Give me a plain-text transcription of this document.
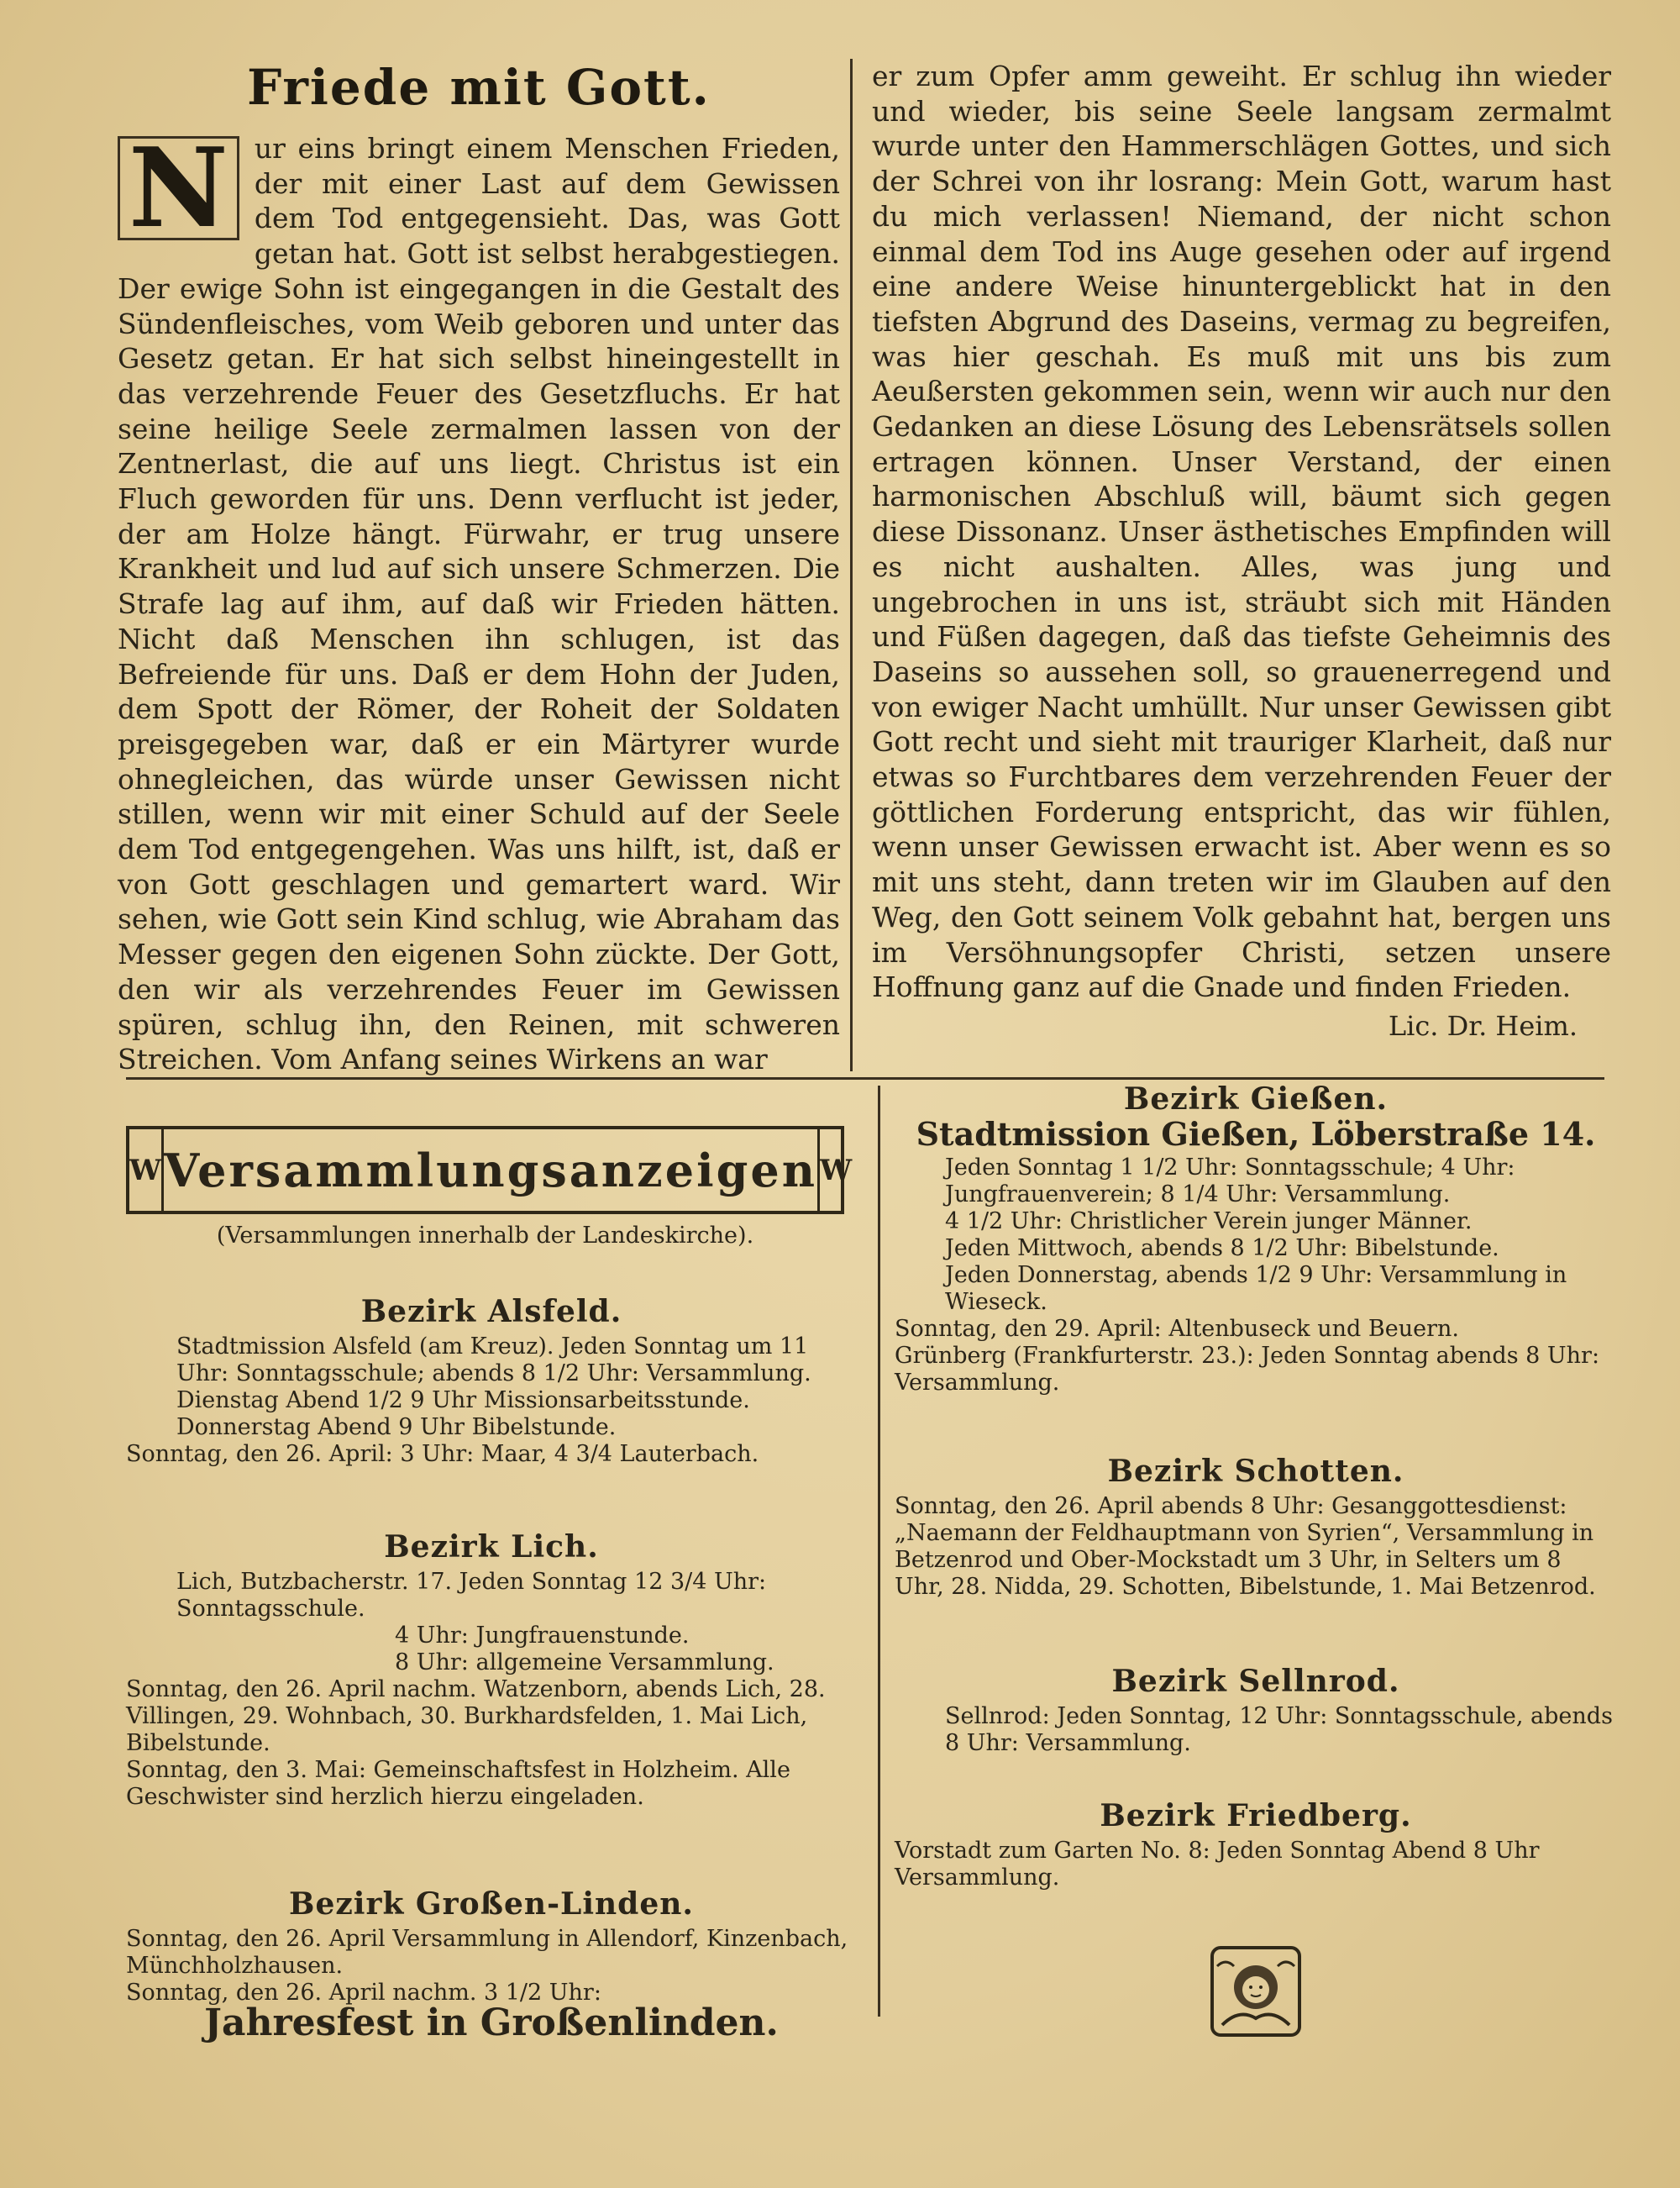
Friede mit Gott.

N ur eins bringt einem Menschen Frieden, der mit einer Last auf dem Gewissen dem Tod entgegensieht. Das, was Gott getan hat. Gott ist selbst herabgestiegen. Der ewige Sohn ist eingegangen in die Gestalt des Sündenfleisches, vom Weib geboren und unter das Gesetz getan. Er hat sich selbst hineingestellt in das verzehrende Feuer des Gesetzfluchs. Er hat seine heilige Seele zermalmen lassen von der Zentnerlast, die auf uns liegt. Christus ist ein Fluch geworden für uns. Denn verflucht ist jeder, der am Holze hängt. Fürwahr, er trug unsere Krankheit und lud auf sich unsere Schmerzen. Die Strafe lag auf ihm, auf daß wir Frieden hätten. Nicht daß Menschen ihn schlugen, ist das Befreiende für uns. Daß er dem Hohn der Juden, dem Spott der Römer, der Roheit der Soldaten preisgegeben war, daß er ein Märtyrer wurde ohnegleichen, das würde unser Gewissen nicht stillen, wenn wir mit einer Schuld auf der Seele dem Tod entgegengehen. Was uns hilft, ist, daß er von Gott geschlagen und gemartert ward. Wir sehen, wie Gott sein Kind schlug, wie Abraham das Messer gegen den eigenen Sohn zückte. Der Gott, den wir als verzehrendes Feuer im Gewissen spüren, schlug ihn, den Reinen, mit schweren Streichen. Vom Anfang seines Wirkens an war

er zum Opfer amm geweiht. Er schlug ihn wieder und wieder, bis seine Seele langsam zermalmt wurde unter den Hammerschlägen Gottes, und sich der Schrei von ihr losrang: Mein Gott, warum hast du mich verlassen! Niemand, der nicht schon einmal dem Tod ins Auge gesehen oder auf irgend eine andere Weise hinuntergeblickt hat in den tiefsten Abgrund des Daseins, vermag zu begreifen, was hier geschah. Es muß mit uns bis zum Aeußersten gekommen sein, wenn wir auch nur den Gedanken an diese Lösung des Lebensrätsels sollen ertragen können. Unser Verstand, der einen harmonischen Abschluß will, bäumt sich gegen diese Dissonanz. Unser ästhetisches Empfinden will es nicht aushalten. Alles, was jung und ungebrochen in uns ist, sträubt sich mit Händen und Füßen dagegen, daß das tiefste Geheimnis des Daseins so aussehen soll, so grauenerregend und von ewiger Nacht umhüllt. Nur unser Gewissen gibt Gott recht und sieht mit trauriger Klarheit, daß nur etwas so Furchtbares dem verzehrenden Feuer der göttlichen Forderung entspricht, das wir fühlen, wenn unser Gewissen erwacht ist. Aber wenn es so mit uns steht, dann treten wir im Glauben auf den Weg, den Gott seinem Volk gebahnt hat, bergen uns im Versöhnungsopfer Christi, setzen unsere Hoffnung ganz auf die Gnade und finden Frieden.

Lic. Dr. Heim.
W Versammlungsanzeigen W
(Versammlungen innerhalb der Landeskirche).
Bezirk Alsfeld.

Stadtmission Alsfeld (am Kreuz). Jeden Sonntag um 11 Uhr: Sonntagsschule; abends 8 1/2 Uhr: Versammlung. Dienstag Abend 1/2 9 Uhr Missionsarbeitsstunde. Donnerstag Abend 9 Uhr Bibelstunde.

Sonntag, den 26. April: 3 Uhr: Maar, 4 3/4 Lauterbach.

Bezirk Lich.

Lich, Butzbacherstr. 17. Jeden Sonntag 12 3/4 Uhr: Sonntagsschule.

4 Uhr: Jungfrauenstunde.

8 Uhr: allgemeine Versammlung.

Sonntag, den 26. April nachm. Watzenborn, abends Lich, 28. Villingen, 29. Wohnbach, 30. Burkhardsfelden, 1. Mai Lich, Bibelstunde.

Sonntag, den 3. Mai: Gemeinschaftsfest in Holzheim. Alle Geschwister sind herzlich hierzu eingeladen.

Bezirk Großen-Linden.

Sonntag, den 26. April Versammlung in Allendorf, Kinzenbach, Münchholzhausen.

Sonntag, den 26. April nachm. 3 1/2 Uhr:

Jahresfest in Großenlinden.
Bezirk Gießen.
Stadtmission Gießen, Löberstraße 14.

Jeden Sonntag 1 1/2 Uhr: Sonntagsschule; 4 Uhr: Jungfrauenverein; 8 1/4 Uhr: Versammlung.

4 1/2 Uhr: Christlicher Verein junger Männer.

Jeden Mittwoch, abends 8 1/2 Uhr: Bibelstunde.

Jeden Donnerstag, abends 1/2 9 Uhr: Versammlung in Wieseck.

Sonntag, den 29. April: Altenbuseck und Beuern.

Grünberg (Frankfurterstr. 23.): Jeden Sonntag abends 8 Uhr: Versammlung.

Bezirk Schotten.

Sonntag, den 26. April abends 8 Uhr: Gesanggottesdienst: „Naemann der Feldhauptmann von Syrien“, Versammlung in Betzenrod und Ober-Mockstadt um 3 Uhr, in Selters um 8 Uhr, 28. Nidda, 29. Schotten, Bibelstunde, 1. Mai Betzenrod.

Bezirk Sellnrod.

Sellnrod: Jeden Sonntag, 12 Uhr: Sonntagsschule, abends 8 Uhr: Versammlung.

Bezirk Friedberg.

Vorstadt zum Garten No. 8: Jeden Sonntag Abend 8 Uhr Versammlung.
